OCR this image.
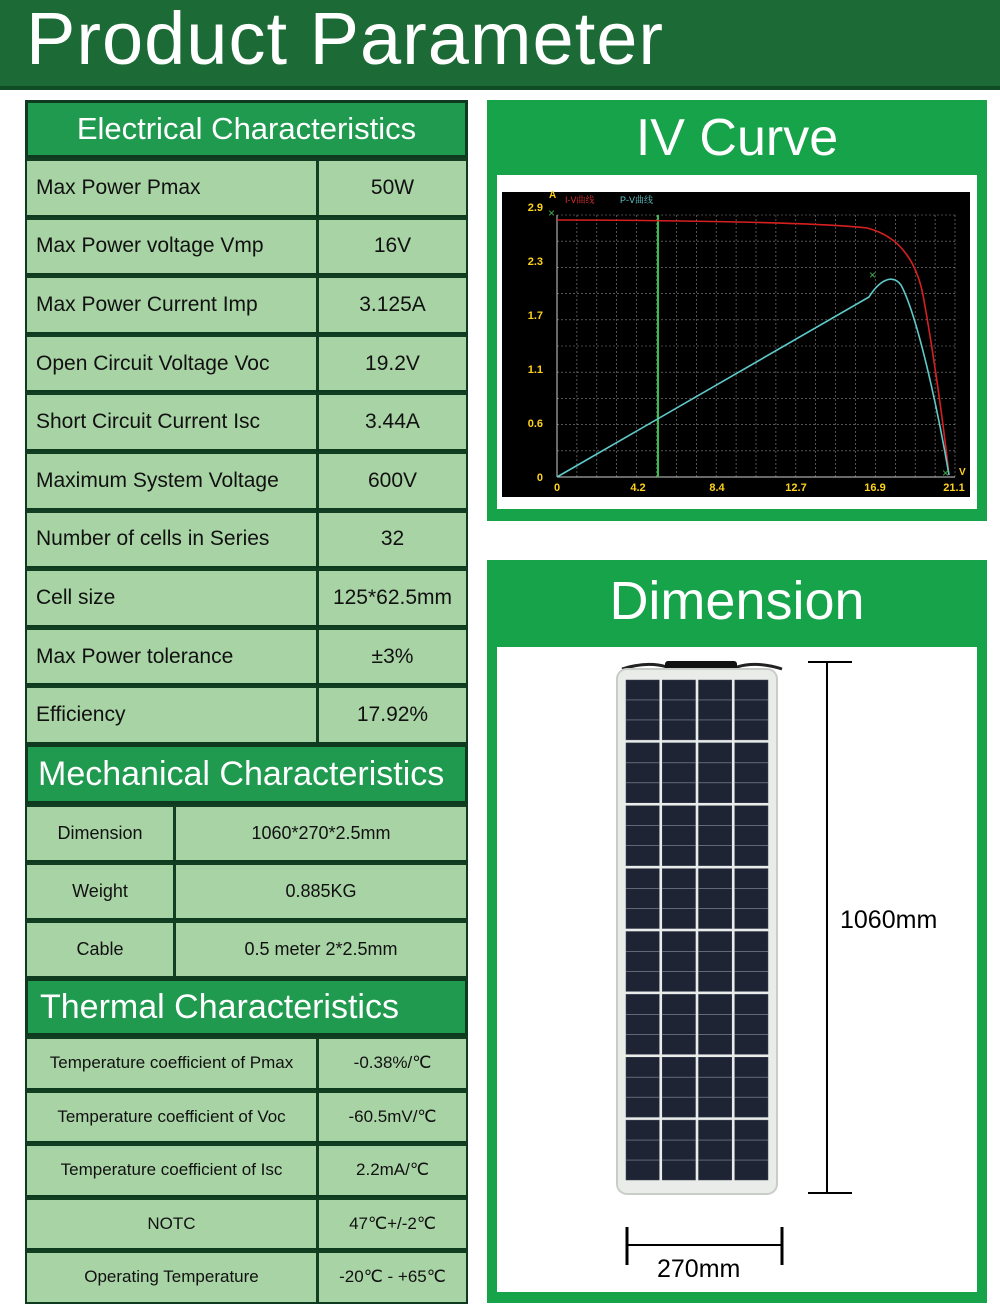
Product Parameter
Electrical Characteristics
Max Power Pmax	50W
Max Power voltage Vmp	16V
Max Power Current Imp	3.125A
Open Circuit Voltage Voc	19.2V
Short Circuit Current Isc	3.44A
Maximum System Voltage	600V
Number of cells in Series	32
Cell size	125*62.5mm
Max Power tolerance	±3%
Efficiency	17.92%
Mechanical Characteristics
Dimension	1060*270*2.5mm
Weight	0.885KG
Cable	0.5 meter 2*2.5mm
Thermal Characteristics
Temperature coefficient of Pmax	-0.38%/℃
Temperature coefficient of Voc	-60.5mV/℃
Temperature coefficient of Isc	2.2mA/℃
NOTC	47℃+/-2℃
Operating Temperature	-20℃ - +65℃
IV Curve
×
×
×
A I-V曲线	P-V曲线
V
2.9
2.3
1.7
1.1
0.6
0
0	4.2	8.4	12.7	16.9	21.1
Dimension
1060mm
270mm
